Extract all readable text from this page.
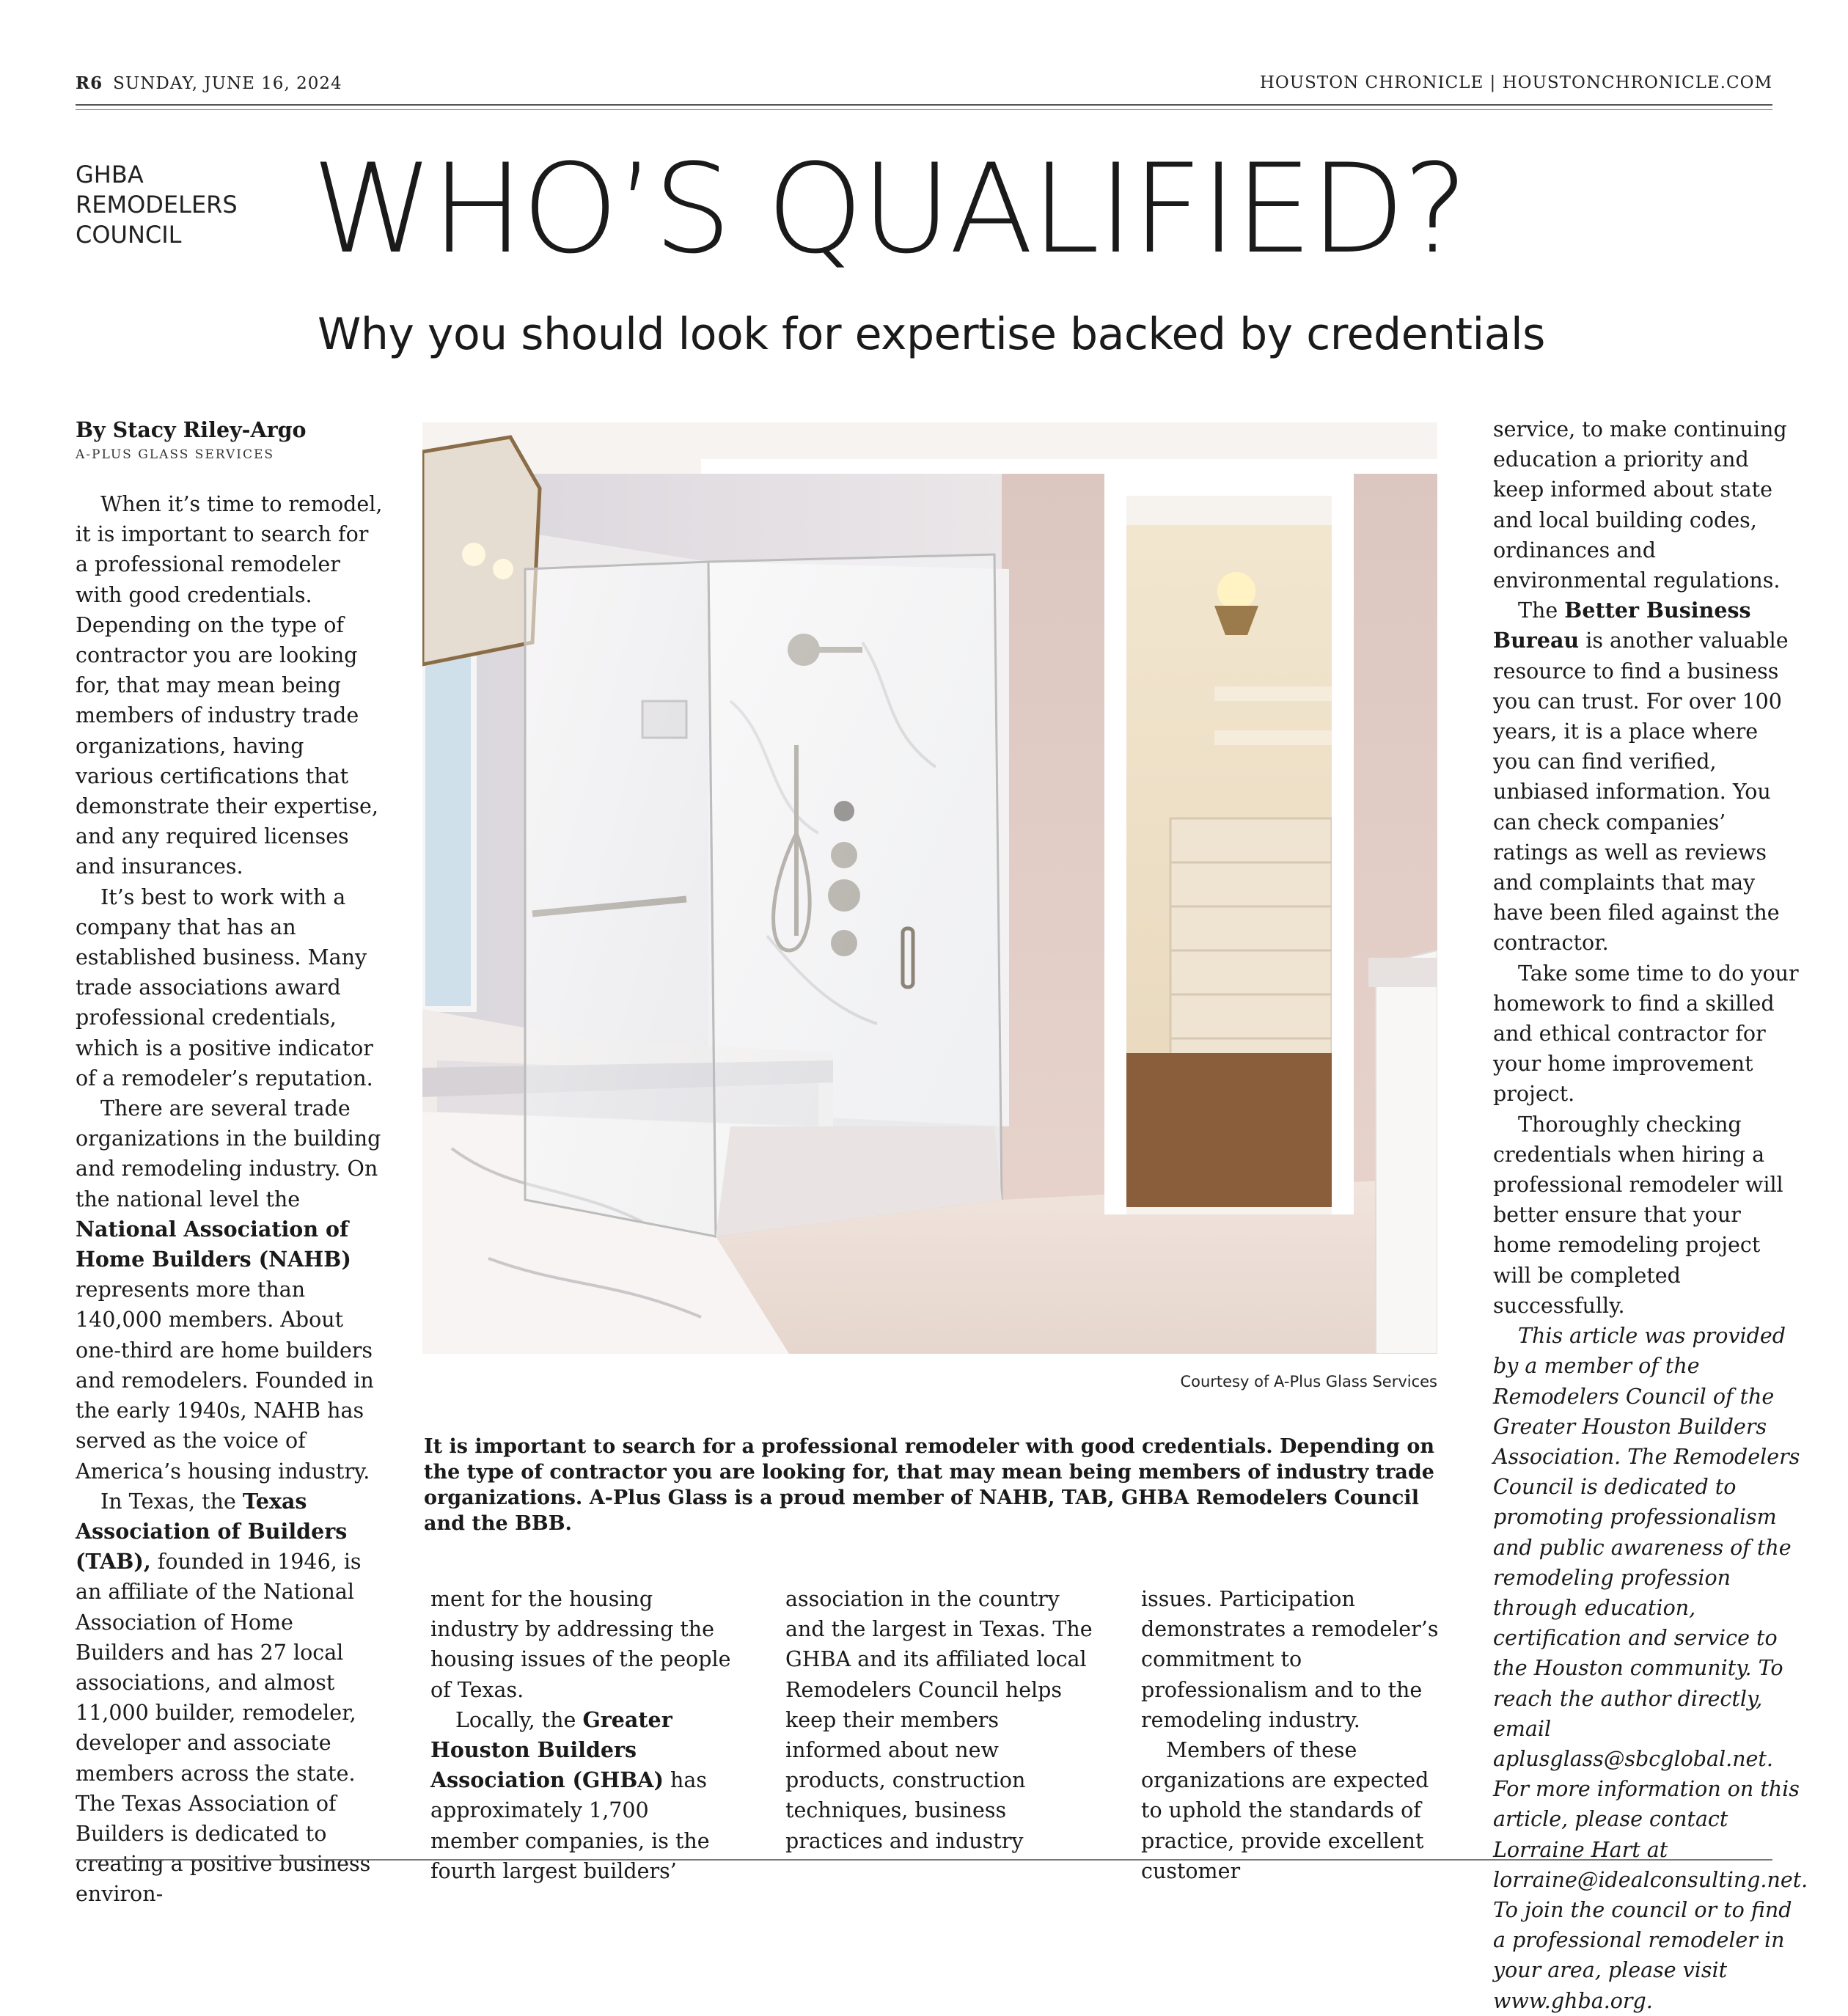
R6 SUNDAY, JUNE 16, 2024	HOUSTON CHRONICLE | HOUSTONCHRONICLE.COM
GHBA
REMODELERS
COUNCIL	WHO’S QUALIFIED?
Why you should look for expertise backed by credentials
By Stacy Riley-Argo
A-PLUS GLASS SERVICES

When it’s time to remodel, it is important to search for a professional remodeler with good credentials. Depending on the type of contractor you are looking for, that may mean being members of industry trade organizations, having various certifications that demonstrate their expertise, and any required licenses and insurances.

It’s best to work with a company that has an established business. Many trade associations award professional credentials, which is a positive indicator of a remodeler’s reputation.

There are several trade organizations in the building and remodeling industry. On the national level the National Association of Home Builders (NAHB) represents more than 140,000 members. About one-third are home builders and remodelers. Founded in the early 1940s, NAHB has served as the voice of America’s housing industry.

In Texas, the Texas Association of Builders (TAB), founded in 1946, is an affiliate of the National Association of Home Builders and has 27 local associations, and almost 11,000 builder, remodeler, developer and associate members across the state. The Texas Association of Builders is dedicated to creating a positive business environ-

Courtesy of A-Plus Glass Services
It is important to search for a professional remodeler with good credentials. Depending on the type of contractor you are looking for, that may mean being members of industry trade organizations. A-Plus Glass is a proud member of NAHB, TAB, GHBA Remodelers Council and the BBB.

ment for the housing industry by addressing the housing issues of the people of Texas.

Locally, the Greater Houston Builders Association (GHBA) has approximately 1,700 member companies, is the fourth largest builders’

association in the country and the largest in Texas. The GHBA and its affiliated local Remodelers Council helps keep their members informed about new products, construction techniques, business practices and industry

issues. Participation demonstrates a remodeler’s commitment to professionalism and to the remodeling industry.

Members of these organizations are expected to uphold the standards of practice, provide excellent customer

service, to make continuing education a priority and keep informed about state and local building codes, ordinances and environmental regulations.

The Better Business Bureau is another valuable resource to find a business you can trust. For over 100 years, it is a place where you can find verified, unbiased information. You can check companies’ ratings as well as reviews and complaints that may have been filed against the contractor.

Take some time to do your homework to find a skilled and ethical contractor for your home improvement project.

Thoroughly checking credentials when hiring a professional remodeler will better ensure that your home remodeling project will be completed successfully.

This article was provided by a member of the Remodelers Council of the Greater Houston Builders Association. The Remodelers Council is dedicated to promoting professionalism and public awareness of the remodeling profession through education, certification and service to the Houston community. To reach the author directly, email aplusglass@sbcglobal.net. For more information on this article, please contact Lorraine Hart at lorraine@idealconsulting.net. To join the council or to find a professional remodeler in your area, please visit www.ghba.org.
